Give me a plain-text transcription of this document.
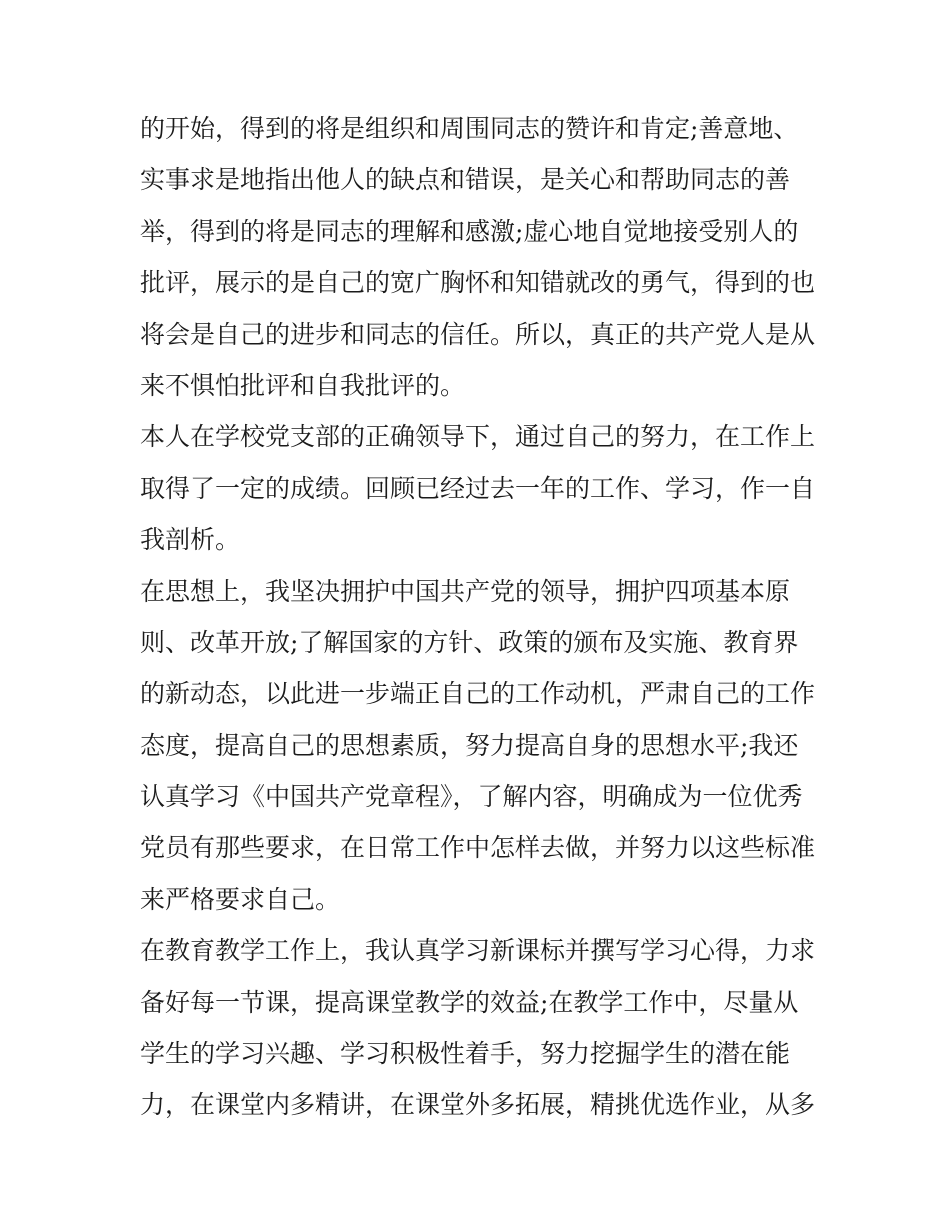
的开始，得到的将是组织和周围同志的赞许和肯定;善意地、
实事求是地指出他人的缺点和错误，是关心和帮助同志的善
举，得到的将是同志的理解和感激;虚心地自觉地接受别人的
批评，展示的是自己的宽广胸怀和知错就改的勇气，得到的也
将会是自己的进步和同志的信任。所以，真正的共产党人是从
来不惧怕批评和自我批评的。
本人在学校党支部的正确领导下，通过自己的努力，在工作上
取得了一定的成绩。回顾已经过去一年的工作、学习，作一自
我剖析。
在思想上，我坚决拥护中国共产党的领导，拥护四项基本原
则、改革开放;了解国家的方针、政策的颁布及实施、教育界
的新动态，以此进一步端正自己的工作动机，严肃自己的工作
态度，提高自己的思想素质，努力提高自身的思想水平;我还
认真学习《中国共产党章程》，了解内容，明确成为一位优秀
党员有那些要求，在日常工作中怎样去做，并努力以这些标准
来严格要求自己。
在教育教学工作上，我认真学习新课标并撰写学习心得，力求
备好每一节课，提高课堂教学的效益;在教学工作中，尽量从
学生的学习兴趣、学习积极性着手，努力挖掘学生的潜在能
力，在课堂内多精讲，在课堂外多拓展，精挑优选作业，从多
